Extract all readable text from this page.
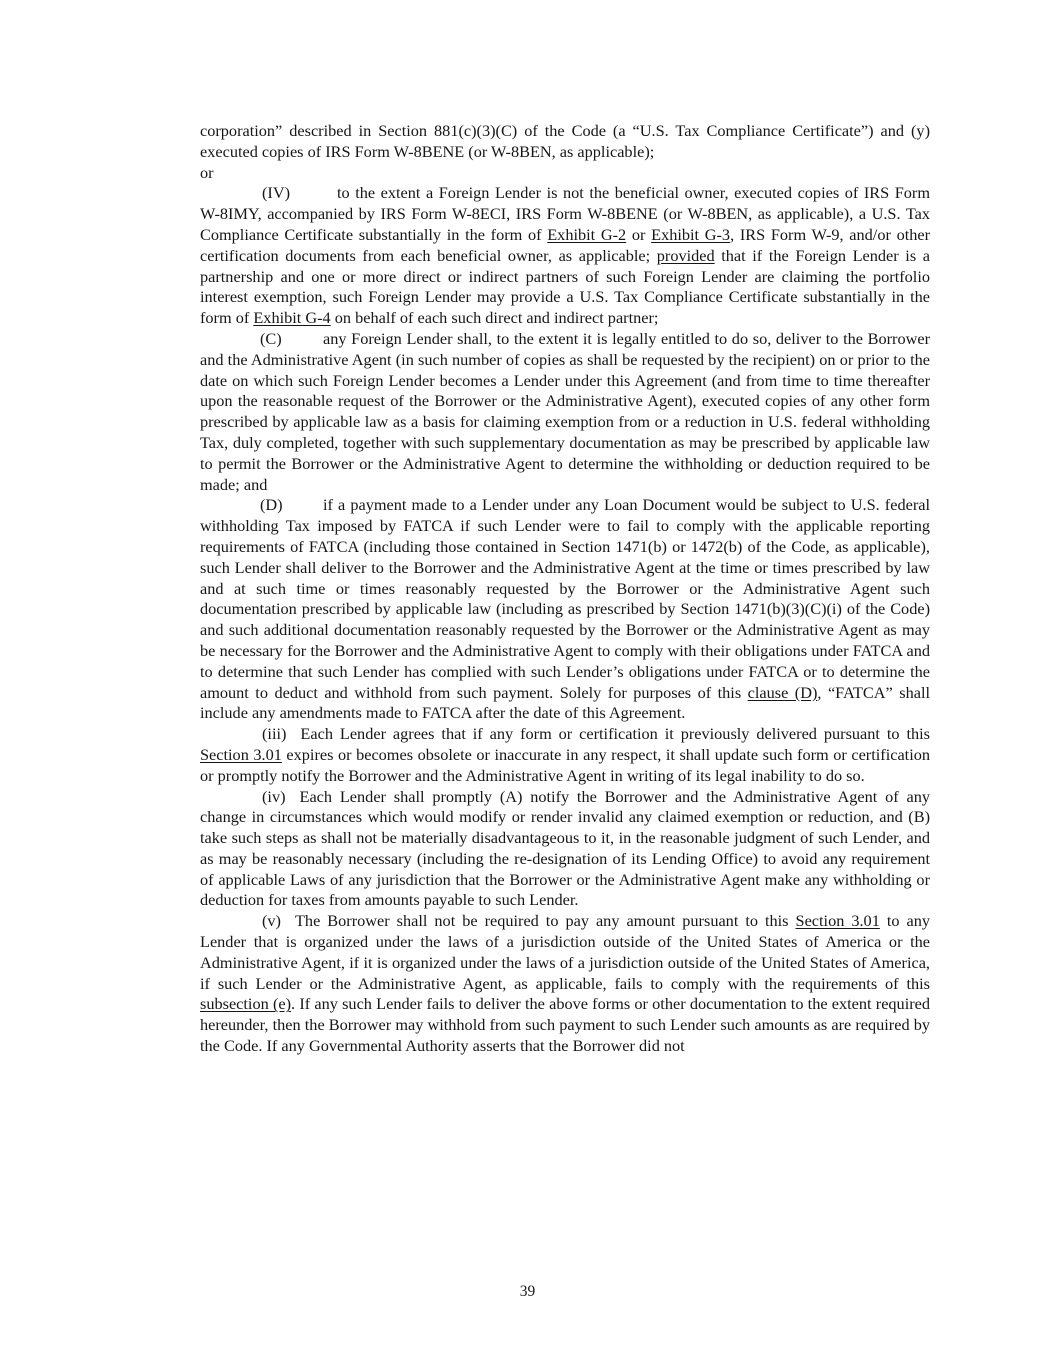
corporation” described in Section 881(c)(3)(C) of the Code (a “U.S. Tax Compliance Certificate”) and (y) executed copies of IRS Form W-8BENE (or W-8BEN, as applicable);

or

(IV)	to the extent a Foreign Lender is not the beneficial owner, executed copies of IRS Form W-8IMY, accompanied by IRS Form W-8ECI, IRS Form W-8BENE (or W-8BEN, as applicable), a U.S. Tax Compliance Certificate substantially in the form of Exhibit G-2 or Exhibit G-3, IRS Form W-9, and/or other certification documents from each beneficial owner, as applicable; provided that if the Foreign Lender is a partnership and one or more direct or indirect partners of such Foreign Lender are claiming the portfolio interest exemption, such Foreign Lender may provide a U.S. Tax Compliance Certificate substantially in the form of Exhibit G-4 on behalf of each such direct and indirect partner;

(C)	any Foreign Lender shall, to the extent it is legally entitled to do so, deliver to the Borrower and the Administrative Agent (in such number of copies as shall be requested by the recipient) on or prior to the date on which such Foreign Lender becomes a Lender under this Agreement (and from time to time thereafter upon the reasonable request of the Borrower or the Administrative Agent), executed copies of any other form prescribed by applicable law as a basis for claiming exemption from or a reduction in U.S. federal withholding Tax, duly completed, together with such supplementary documentation as may be prescribed by applicable law to permit the Borrower or the Administrative Agent to determine the withholding or deduction required to be made; and

(D) if a payment made to a Lender under any Loan Document would be subject to U.S. federal withholding Tax imposed by FATCA if such Lender were to fail to comply with the applicable reporting requirements of FATCA (including those contained in Section 1471(b) or 1472(b) of the Code, as applicable), such Lender shall deliver to the Borrower and the Administrative Agent at the time or times prescribed by law and at such time or times reasonably requested by the Borrower or the Administrative Agent such documentation prescribed by applicable law (including as prescribed by Section 1471(b)(3)(C)(i) of the Code) and such additional documentation reasonably requested by the Borrower or the Administrative Agent as may be necessary for the Borrower and the Administrative Agent to comply with their obligations under FATCA and to determine that such Lender has complied with such Lender’s obligations under FATCA or to determine the amount to deduct and withhold from such payment. Solely for purposes of this clause (D), “FATCA” shall include any amendments made to FATCA after the date of this Agreement.

(iii) Each Lender agrees that if any form or certification it previously delivered pursuant to this Section 3.01 expires or becomes obsolete or inaccurate in any respect, it shall update such form or certification or promptly notify the Borrower and the Administrative Agent in writing of its legal inability to do so.

(iv) Each Lender shall promptly (A) notify the Borrower and the Administrative Agent of any change in circumstances which would modify or render invalid any claimed exemption or reduction, and (B) take such steps as shall not be materially disadvantageous to it, in the reasonable judgment of such Lender, and as may be reasonably necessary (including the re-designation of its Lending Office) to avoid any requirement of applicable Laws of any jurisdiction that the Borrower or the Administrative Agent make any withholding or deduction for taxes from amounts payable to such Lender.

(v) The Borrower shall not be required to pay any amount pursuant to this Section 3.01 to any Lender that is organized under the laws of a jurisdiction outside of the United States of America or the Administrative Agent, if it is organized under the laws of a jurisdiction outside of the United States of America, if such Lender or the Administrative Agent, as applicable, fails to comply with the requirements of this subsection (e). If any such Lender fails to deliver the above forms or other documentation to the extent required hereunder, then the Borrower may withhold from such payment to such Lender such amounts as are required by the Code. If any Governmental Authority asserts that the Borrower did not

39
